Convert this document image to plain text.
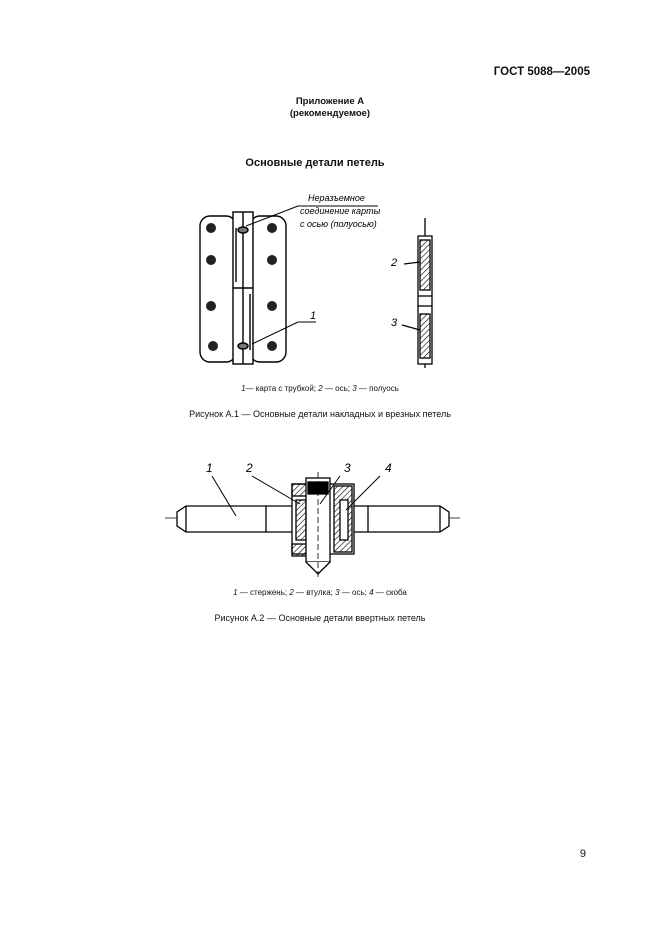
ГОСТ 5088—2005
Приложение А
(рекомендуемое)
Основные детали петель
Неразъемное
соединение карты
с осью (полуосью)
1
2
3
1— карта с трубкой; 2 — ось; 3 — полуось
Рисунок А.1 — Основные детали накладных и врезных петель
1	2	3	4
1 — стержень; 2 — втулка; 3 — ось; 4 — скоба
Рисунок А.2 — Основные детали ввертных петель
9
